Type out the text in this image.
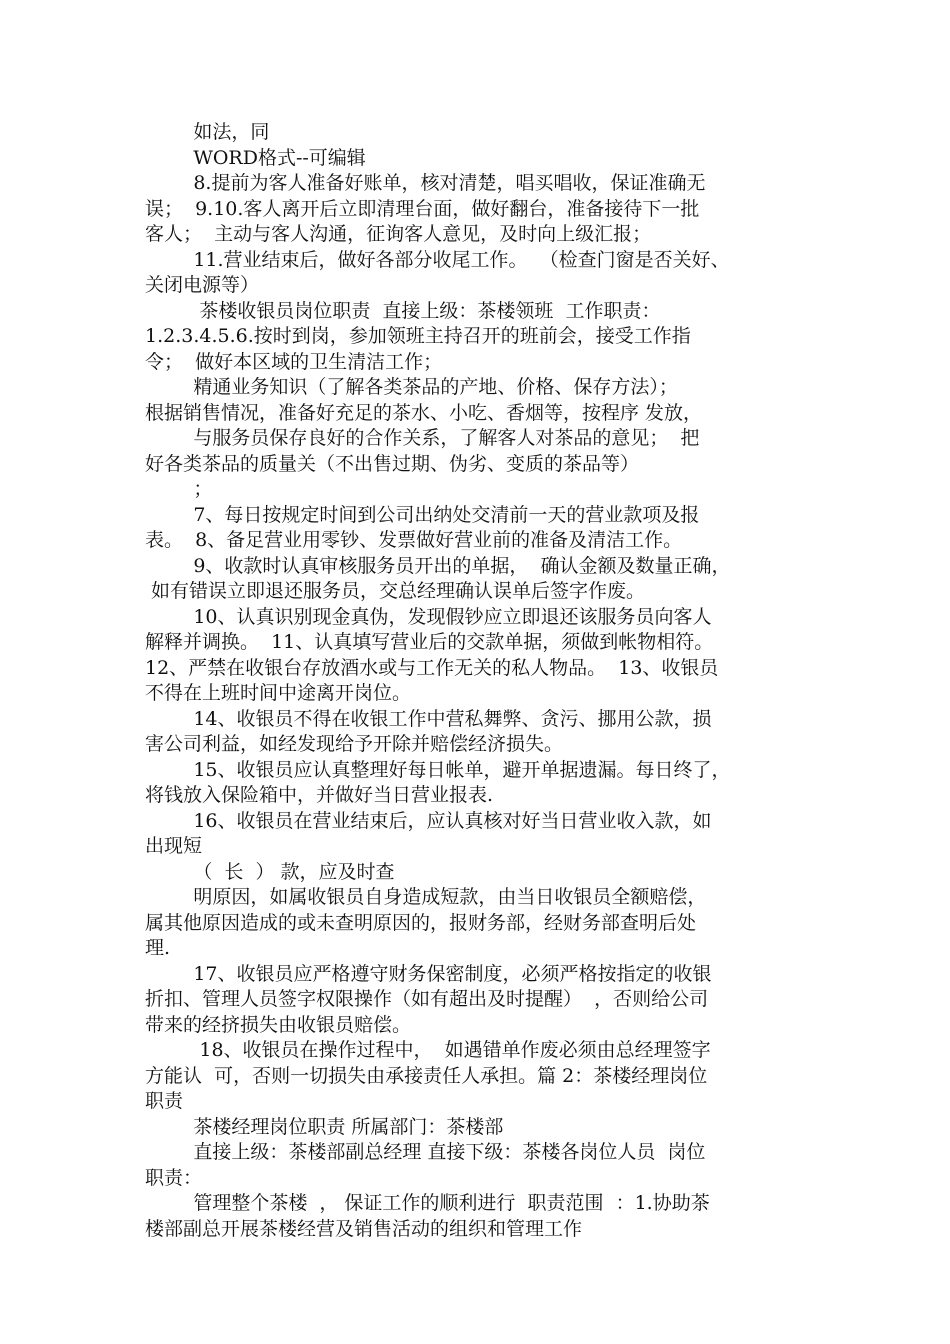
如法，同
WORD格式--可编辑
8.提前为客人准备好账单，核对清楚，唱买唱收，保证准确无
误；  9.10.客人离开后立即清理台面，做好翻台，准备接待下一批
客人；  主动与客人沟通，征询客人意见，及时向上级汇报；
11.营业结束后，做好各部分收尾工作。  （检查门窗是否关好、
关闭电源等）
茶楼收银员岗位职责  直接上级：茶楼领班  工作职责：
1.2.3.4.5.6.按时到岗，参加领班主持召开的班前会，接受工作指
令；  做好本区域的卫生清洁工作；
精通业务知识（了解各类茶品的产地、价格、保存方法）；
根据销售情况，准备好充足的茶水、小吃、香烟等，按程序 发放，
与服务员保存良好的合作关系，了解客人对茶品的意见；  把
好各类茶品的质量关（不出售过期、伪劣、变质的茶品等）
；
7、每日按规定时间到公司出纳处交清前一天的营业款项及报
表。  8、备足营业用零钞、发票做好营业前的准备及清洁工作。
9、收款时认真审核服务员开出的单据，  确认金额及数量正确，
如有错误立即退还服务员，交总经理确认误单后签字作废。
10、认真识别现金真伪，发现假钞应立即退还该服务员向客人
解释并调换。  11、认真填写营业后的交款单据，须做到帐物相符。
12、严禁在收银台存放酒水或与工作无关的私人物品。  13、收银员
不得在上班时间中途离开岗位。
14、收银员不得在收银工作中营私舞弊、贪污、挪用公款，损
害公司利益，如经发现给予开除并赔偿经济损失。
15、收银员应认真整理好每日帐单，避开单据遗漏。每日终了，
将钱放入保险箱中，并做好当日营业报表.
16、收银员在营业结束后，应认真核对好当日营业收入款，如
出现短
（  长  ） 款，应及时查
明原因，如属收银员自身造成短款，由当日收银员全额赔偿，
属其他原因造成的或未查明原因的，报财务部，经财务部查明后处
理.
17、收银员应严格遵守财务保密制度，必须严格按指定的收银
折扣、管理人员签字权限操作（如有超出及时提醒）  ，否则给公司
带来的经挤损失由收银员赔偿。
18、收银员在操作过程中，  如遇错单作废必须由总经理签字
方能认  可，否则一切损失由承接责任人承担。篇 2：茶楼经理岗位
职责
茶楼经理岗位职责 所属部门：茶楼部
直接上级：茶楼部副总经理 直接下级：茶楼各岗位人员  岗位
职责：
管理整个茶楼  ， 保证工作的顺利进行  职责范围  ：1.协助茶
楼部副总开展茶楼经营及销售活动的组织和管理工作
